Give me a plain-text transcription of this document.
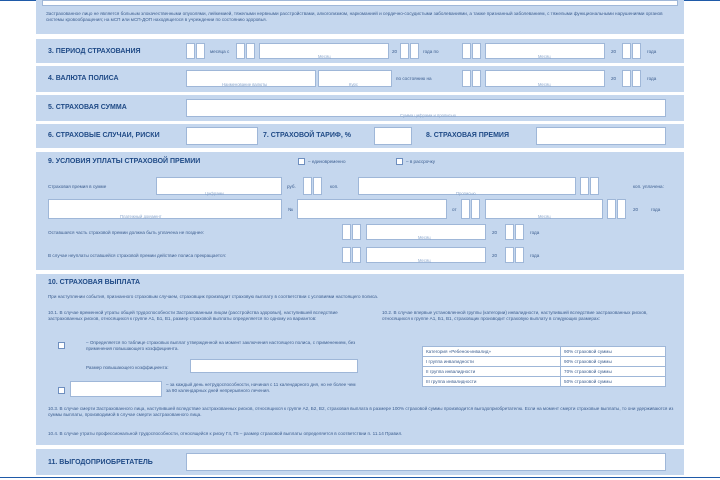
Застрахованное лицо не является больным злокачественными опухолями, лейкемией, тяжелыми нервными расстройствами, алкоголизмом, наркоманией и сердечно-сосудистыми заболеваниями, а также признанный заболеванием, с тяжелыми функциональными нарушениями органов системы кровообращения; на мСП или мСП-ДОП находящегося в учреждении по состоянию здоровья.
3. ПЕРИОД СТРАХОВАНИЯ	месяца с
Месяц
20	года по
Месяц
20	года
4. ВАЛЮТА ПОЛИСА
Наименование валюты	Курс
по состоянию на
Месяц
20	года
5. СТРАХОВАЯ СУММА
Сумма цифрами и прописью
6. СТРАХОВЫЕ СЛУЧАИ, РИСКИ	7. СТРАХОВОЙ ТАРИФ, %	8. СТРАХОВАЯ ПРЕМИЯ
9. УСЛОВИЯ УПЛАТЫ СТРАХОВОЙ ПРЕМИИ	– единовременно	– в рассрочку
Страховая премия в сумме
Цифрами
руб.	коп.
Прописью
коп. уплачена:
Платежный документ
№	от
Месяц
20	года
Оставшаяся часть страховой премии должна быть уплачена не позднее:
Месяц
20	года
В случае неуплаты оставшейся страховой премии действие полиса прекращается:
Месяц
20	года
10. СТРАХОВАЯ ВЫПЛАТА
При наступлении события, признанного страховым случаем, страховщик производит страховую выплату в соответствии с условиями настоящего полиса.
10.1. В случае временной утраты общей трудоспособности Застрахованным лицом (расстройства здоровья), наступившей вследствие застрахованных рисков, относящихся к группе А1, Б1, В1, размер страховой выплаты определяется по одному из вариантов:
– Определяется по таблице страховых выплат утвержденной на момент заключения настоящего полиса, с применением, без применения повышающего коэффициента.
Размер повышающего коэффициента:
– за каждый день нетрудоспособности, начиная с 11 календарного дня, но не более чем за 90 календарных дней непрерывного лечения.
10.2. В случае впервые установленной группы (категории) инвалидности, наступившей вследствие застрахованных рисков, относящихся к группе А1, Б1, В1, страховщик производит страховую выплату в следующих размерах:
Категория «Ребенок-инвалид»	90% страховой суммы
I группа инвалидности	90% страховой суммы
II группа инвалидности	70% страховой суммы
III группа инвалидности	50% страховой суммы
10.3. В случае смерти Застрахованного лица, наступившей вследствие застрахованных рисков, относящихся к группе А2, Б2, В2, страховая выплата в размере 100% страховой суммы производится выгодоприобретателю. Если на момент смерти страховые выплаты, то они удерживаются из суммы выплаты, производимой в случае смерти застрахованного лица.
10.4. В случае утраты профессиональной трудоспособности, относящейся к риску Г4, Г5 – размер страховой выплаты определяется в соответствии п. 11.14 Правил.
11. ВЫГОДОПРИОБРЕТАТЕЛЬ
